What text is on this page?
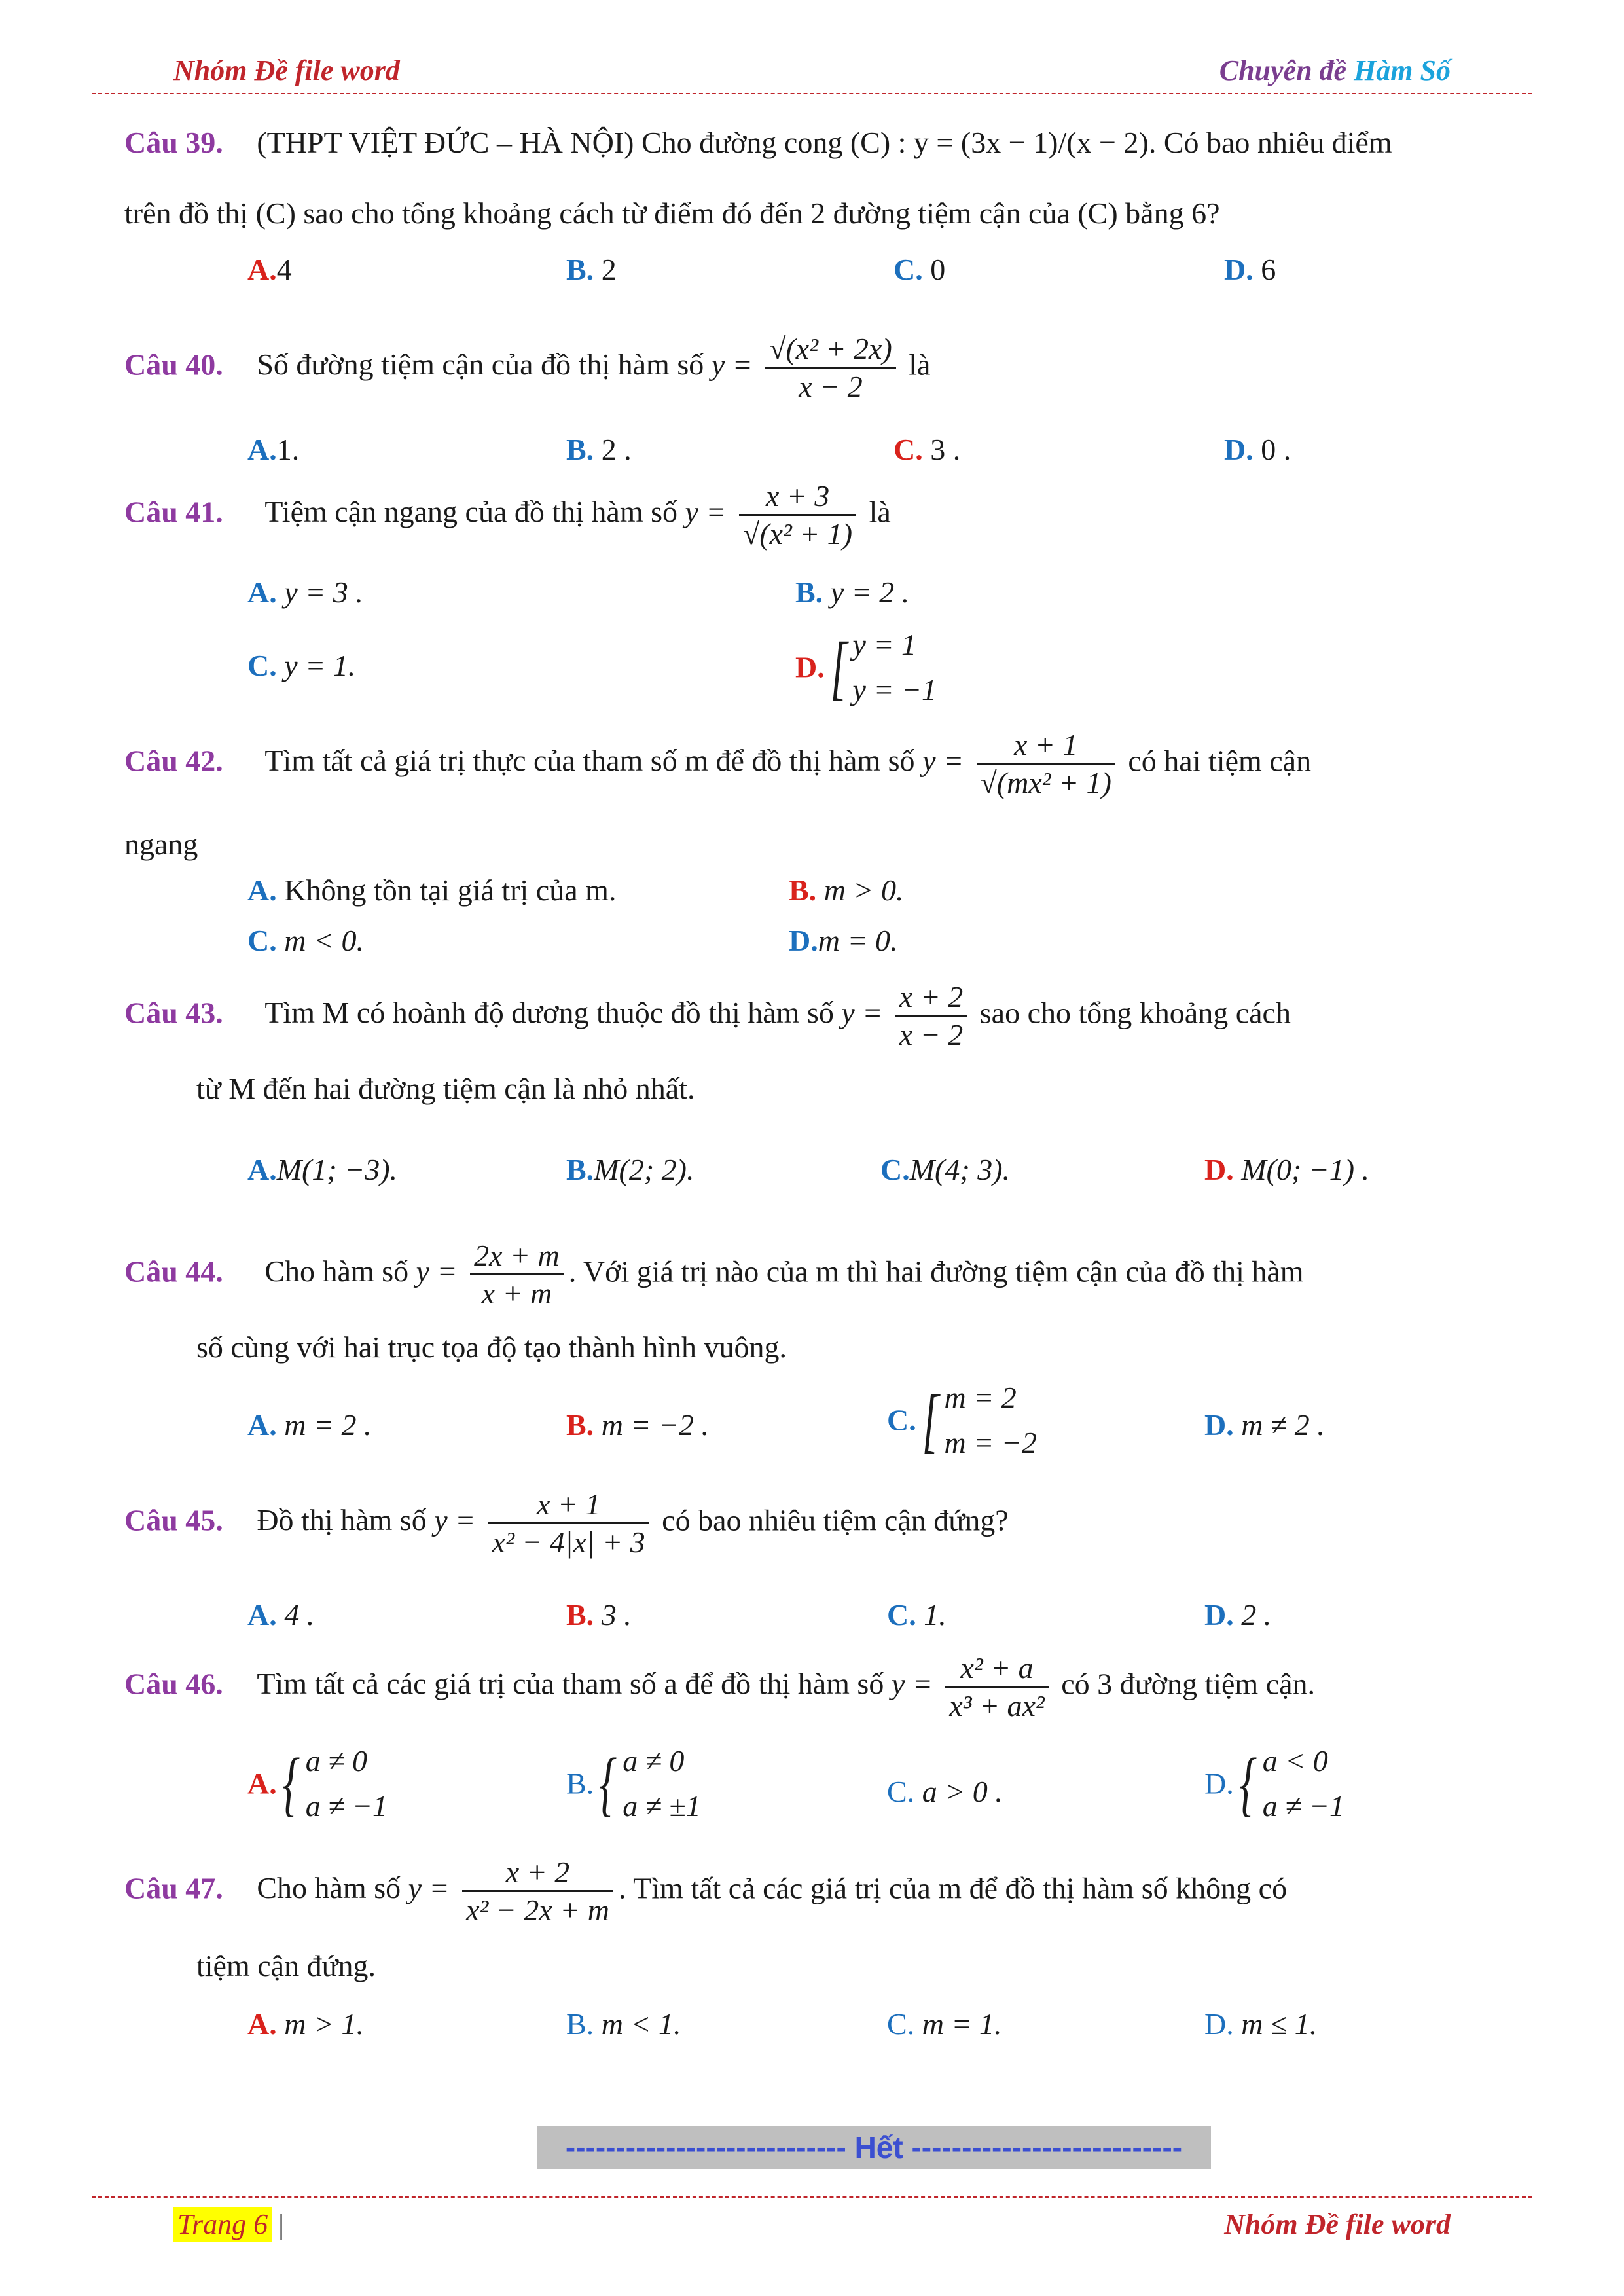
Nhóm Đề file word	Chuyên đề Hàm Số
Câu 39. (THPT VIỆT ĐỨC – HÀ NỘI) Cho đường cong (C) : y = (3x − 1)/(x − 2). Có bao nhiêu điểm
trên đồ thị (C) sao cho tổng khoảng cách từ điểm đó đến 2 đường tiệm cận của (C) bằng 6?
A.4	B. 2	C. 0	D. 6
Câu 40. Số đường tiệm cận của đồ thị hàm số $y = \frac{\text{√(x² + 2x)}}{x - 2}$ là
A.1.	B. 2 .	C. 3 .	D. 0 .
Câu 41. Tiệm cận ngang của đồ thị hàm số $y = \frac{x + 3}{\text{√(x² + 1)}}$ là
A. y = 3 .	B. y = 2 .
C. y = 1.	D.[ y = 1
y = −1
Câu 42. Tìm tất cả giá trị thực của tham số m để đồ thị hàm số $y = \frac{x + 1}{\text{√(mx² + 1)}}$ có hai tiệm cận
ngang
A. Không tồn tại giá trị của m.	B. m > 0.
C. m < 0.	D.m = 0.
Câu 43. Tìm M có hoành độ dương thuộc đồ thị hàm số $y = \frac{x + 2}{x - 2}$ sao cho tổng khoảng cách
từ M đến hai đường tiệm cận là nhỏ nhất.
A.M(1; −3).	B.M(2; 2).	C.M(4; 3).	D. M(0; −1) .
Câu 44. Cho hàm số $y = \frac{2x + m}{x + m}$ . Với giá trị nào của m thì hai đường tiệm cận của đồ thị hàm
số cùng với hai trục tọa độ tạo thành hình vuông.
A. m = 2 .	B. m = −2 .	C.[ m = 2
m = −2
D. m ≠ 2 .
Câu 45. Đồ thị hàm số $y = \frac{x + 1}{\text{x² − 4|x| + 3}}$ có bao nhiêu tiệm cận đứng?
A. 4 .	B. 3 .	C. 1.	D. 2 .
Câu 46. Tìm tất cả các giá trị của tham số a để đồ thị hàm số $y = \frac{\text{x² + a}}{\text{x³ + ax²}}$ có 3 đường tiệm cận.
A.{ a ≠ 0
a ≠ −1
B.{ a ≠ 0
a ≠ ±1	C. a > 0 .	D.{ a < 0
a ≠ −1
Câu 47. Cho hàm số $y = \frac{x + 2}{\text{x² − 2x + m}}$ . Tìm tất cả các giá trị của m để đồ thị hàm số không có
tiệm cận đứng.
A. m > 1.	B. m < 1.	C. m = 1.	D. m ≤ 1.
---------------------------- Hết ---------------------------
Trang 6 |	Nhóm Đề file word
